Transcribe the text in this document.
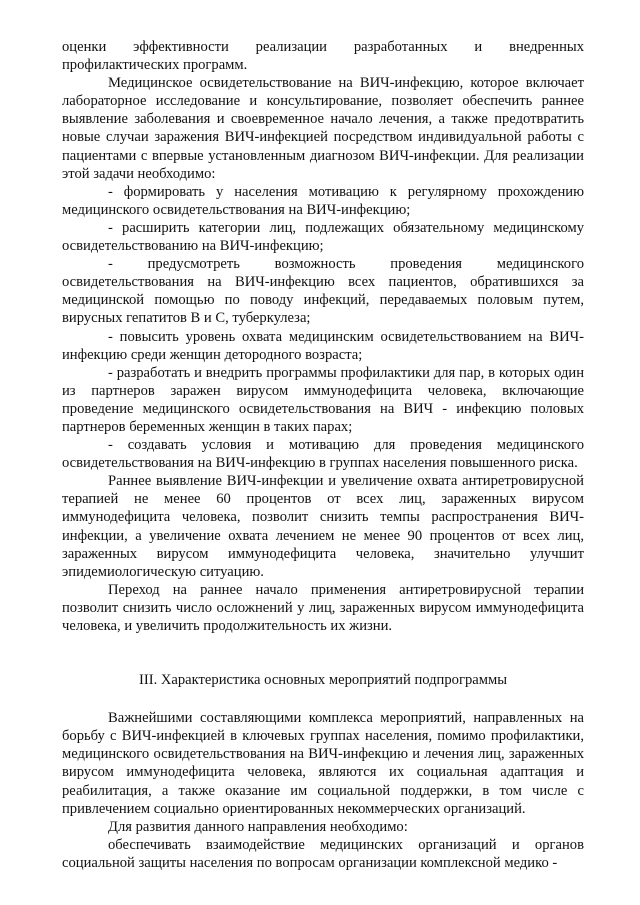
оценки эффективности реализации разработанных и внедренных профилактических программ.

Медицинское освидетельствование на ВИЧ-инфекцию, которое включает лабораторное исследование и консультирование, позволяет обеспечить раннее выявление заболевания и своевременное начало лечения, а также предотвратить новые случаи заражения ВИЧ-инфекцией посредством индивидуальной работы с пациентами с впервые установленным диагнозом ВИЧ-инфекции. Для реализации этой задачи необходимо:

- формировать у населения мотивацию к регулярному прохождению медицинского освидетельствования на ВИЧ-инфекцию;

- расширить категории лиц, подлежащих обязательному медицинскому освидетельствованию на ВИЧ-инфекцию;

- предусмотреть возможность проведения медицинского освидетельствования на ВИЧ-инфекцию всех пациентов, обратившихся за медицинской помощью по поводу инфекций, передаваемых половым путем, вирусных гепатитов B и C, туберкулеза;

- повысить уровень охвата медицинским освидетельствованием на ВИЧ-инфекцию среди женщин детородного возраста;

- разработать и внедрить программы профилактики для пар, в которых один из партнеров заражен вирусом иммунодефицита человека, включающие проведение медицинского освидетельствования на ВИЧ - инфекцию половых партнеров беременных женщин в таких парах;

- создавать условия и мотивацию для проведения медицинского освидетельствования на ВИЧ-инфекцию в группах населения повышенного риска.

Раннее выявление ВИЧ-инфекции и увеличение охвата антиретровирусной терапией не менее 60 процентов от всех лиц, зараженных вирусом иммунодефицита человека, позволит снизить темпы распространения ВИЧ-инфекции, а увеличение охвата лечением не менее 90 процентов от всех лиц, зараженных вирусом иммунодефицита человека, значительно улучшит эпидемиологическую ситуацию.

Переход на раннее начало применения антиретровирусной терапии позволит снизить число осложнений у лиц, зараженных вирусом иммунодефицита человека, и увеличить продолжительность их жизни.

III. Характеристика основных мероприятий подпрограммы

Важнейшими составляющими комплекса мероприятий, направленных на борьбу с ВИЧ-инфекцией в ключевых группах населения, помимо профилактики, медицинского освидетельствования на ВИЧ-инфекцию и лечения лиц, зараженных вирусом иммунодефицита человека, являются их социальная адаптация и реабилитация, а также оказание им социальной поддержки, в том числе с привлечением социально ориентированных некоммерческих организаций.

Для развития данного направления необходимо:

обеспечивать взаимодействие медицинских организаций и органов социальной защиты населения по вопросам организации комплексной медико -
